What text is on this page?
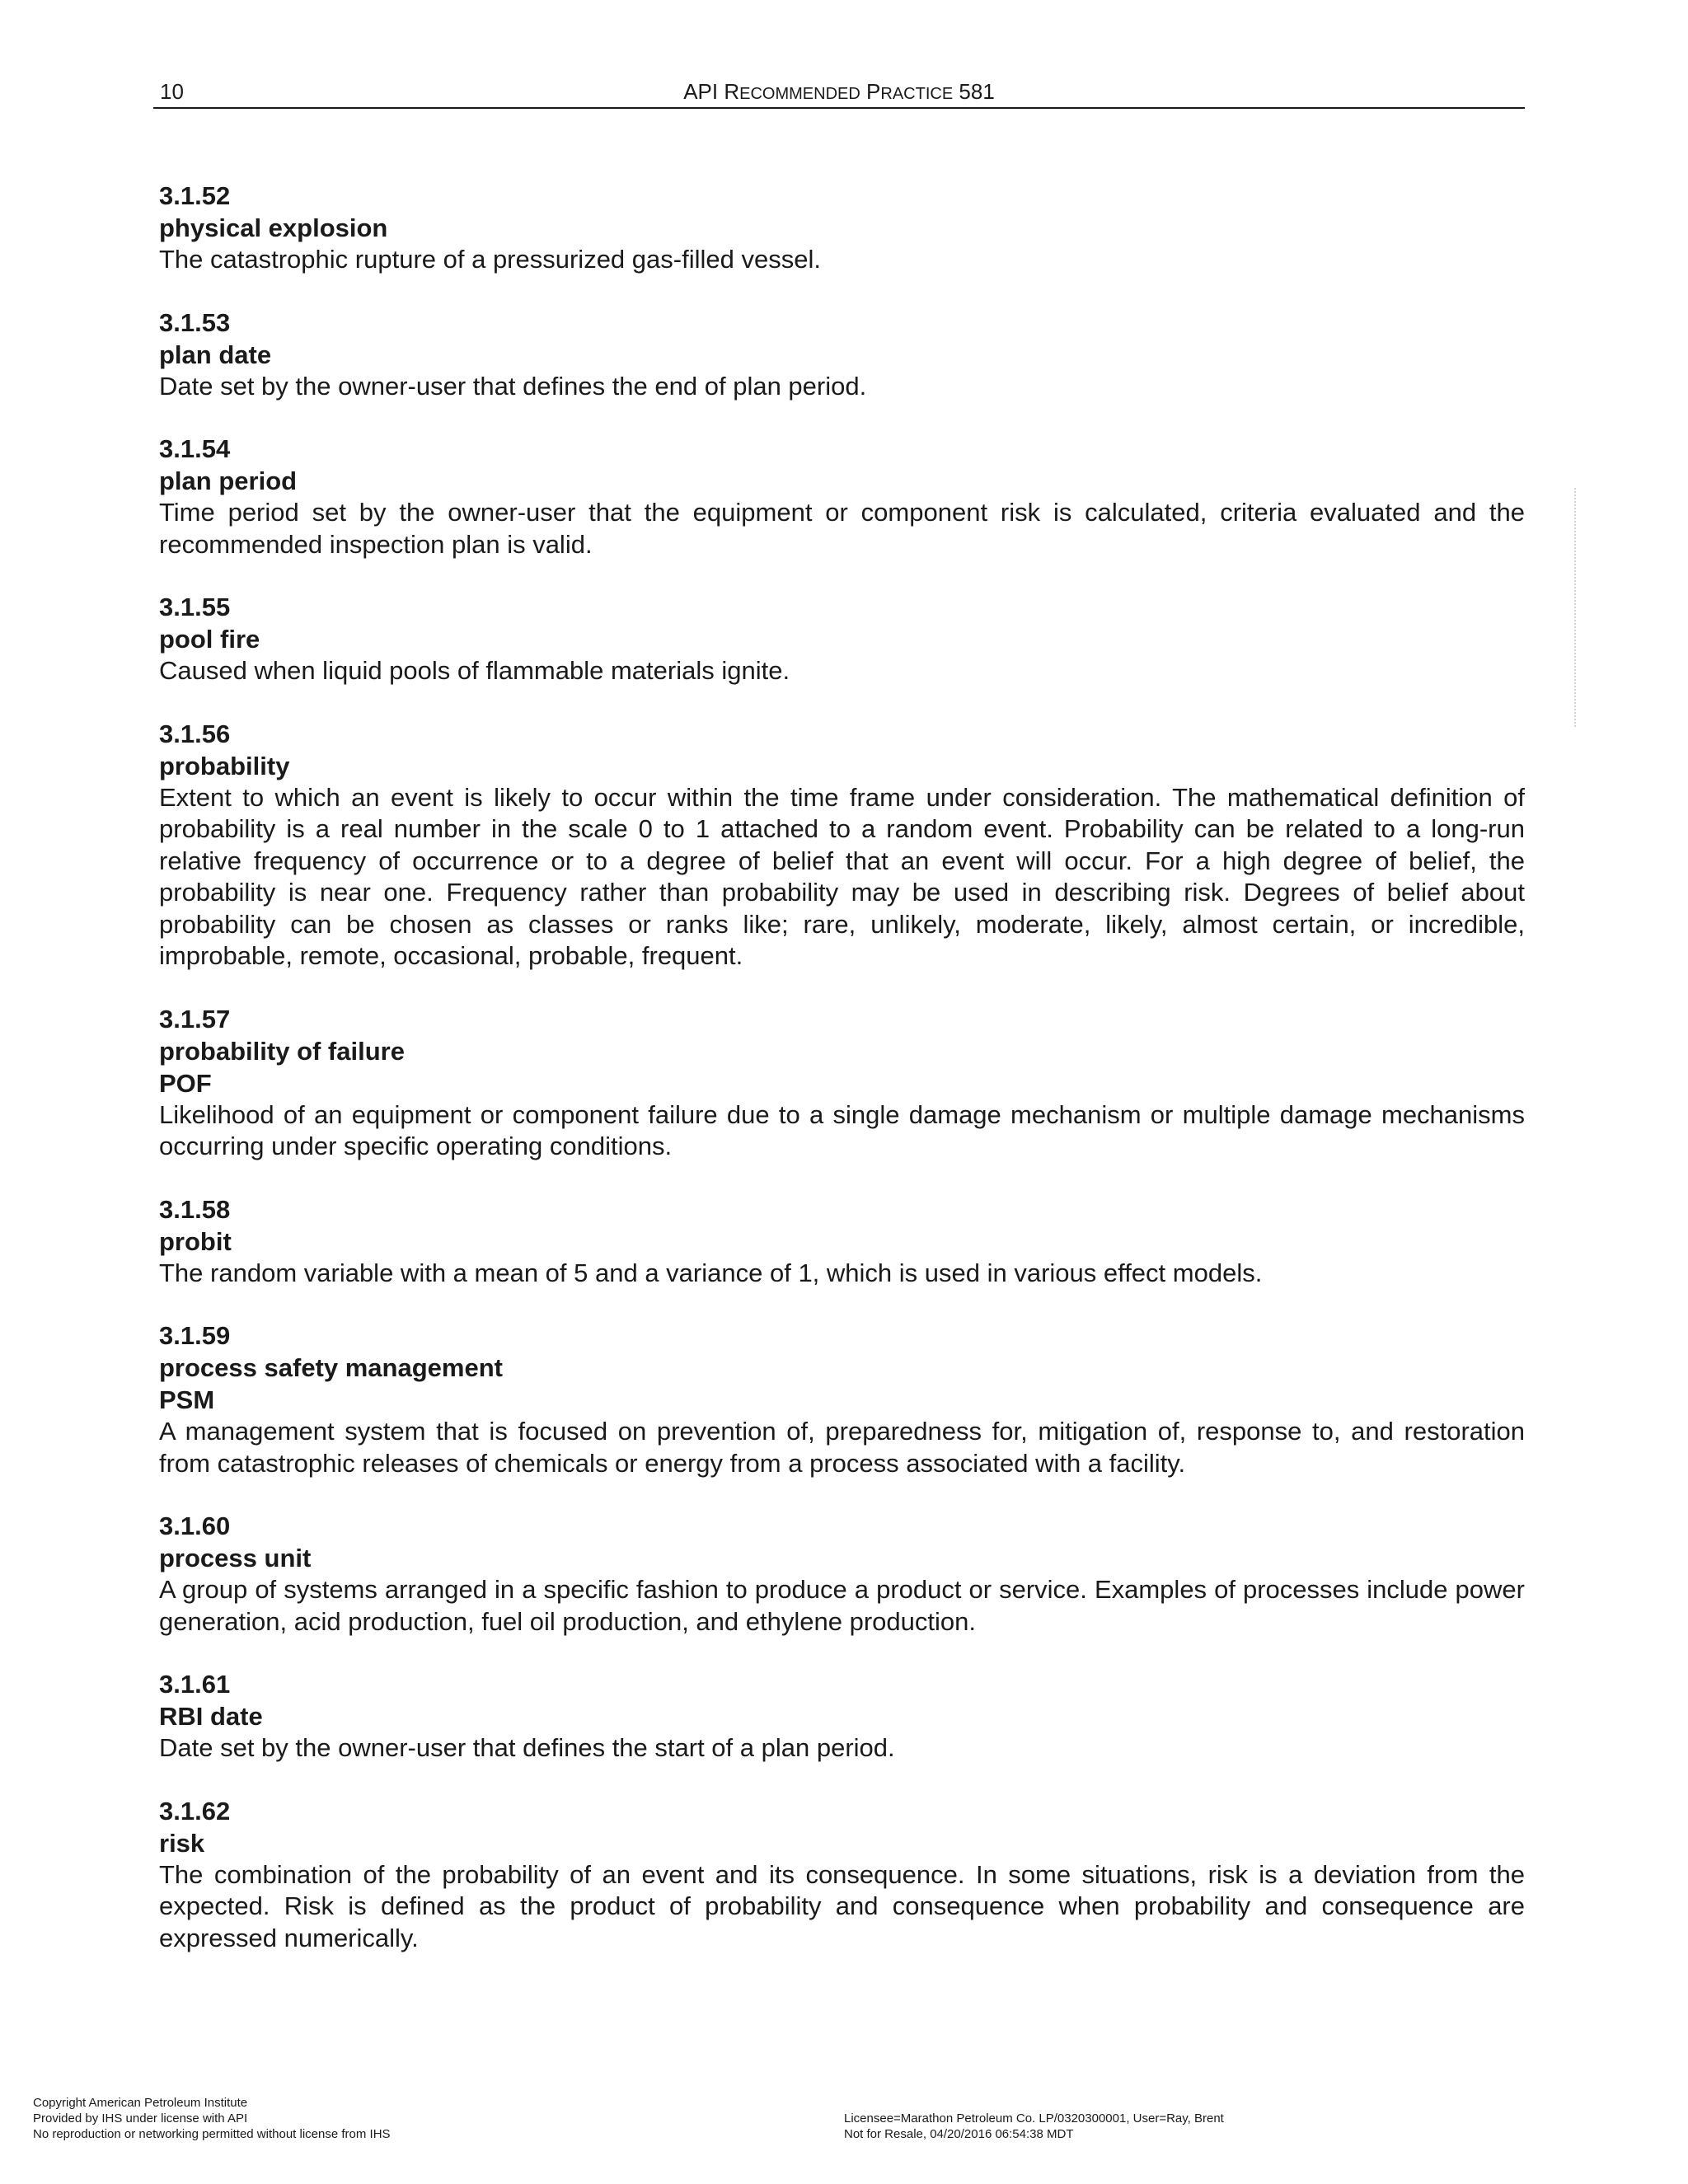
10	API RECOMMENDED PRACTICE 581
3.1.52
physical explosion
The catastrophic rupture of a pressurized gas-filled vessel.
3.1.53
plan date
Date set by the owner-user that defines the end of plan period.
3.1.54
plan period
Time period set by the owner-user that the equipment or component risk is calculated, criteria evaluated and the recommended inspection plan is valid.
3.1.55
pool fire
Caused when liquid pools of flammable materials ignite.
3.1.56
probability
Extent to which an event is likely to occur within the time frame under consideration. The mathematical definition of probability is a real number in the scale 0 to 1 attached to a random event. Probability can be related to a long-run relative frequency of occurrence or to a degree of belief that an event will occur. For a high degree of belief, the probability is near one. Frequency rather than probability may be used in describing risk. Degrees of belief about probability can be chosen as classes or ranks like; rare, unlikely, moderate, likely, almost certain, or incredible, improbable, remote, occasional, probable, frequent.
3.1.57
probability of failure
POF
Likelihood of an equipment or component failure due to a single damage mechanism or multiple damage mechanisms occurring under specific operating conditions.
3.1.58
probit
The random variable with a mean of 5 and a variance of 1, which is used in various effect models.
3.1.59
process safety management
PSM
A management system that is focused on prevention of, preparedness for, mitigation of, response to, and restoration from catastrophic releases of chemicals or energy from a process associated with a facility.
3.1.60
process unit
A group of systems arranged in a specific fashion to produce a product or service. Examples of processes include power generation, acid production, fuel oil production, and ethylene production.
3.1.61
RBI date
Date set by the owner-user that defines the start of a plan period.
3.1.62
risk
The combination of the probability of an event and its consequence. In some situations, risk is a deviation from the expected. Risk is defined as the product of probability and consequence when probability and consequence are expressed numerically.
Copyright American Petroleum Institute
Provided by IHS under license with API
No reproduction or networking permitted without license from IHS
Licensee=Marathon Petroleum Co. LP/0320300001, User=Ray, Brent
Not for Resale, 04/20/2016 06:54:38 MDT
